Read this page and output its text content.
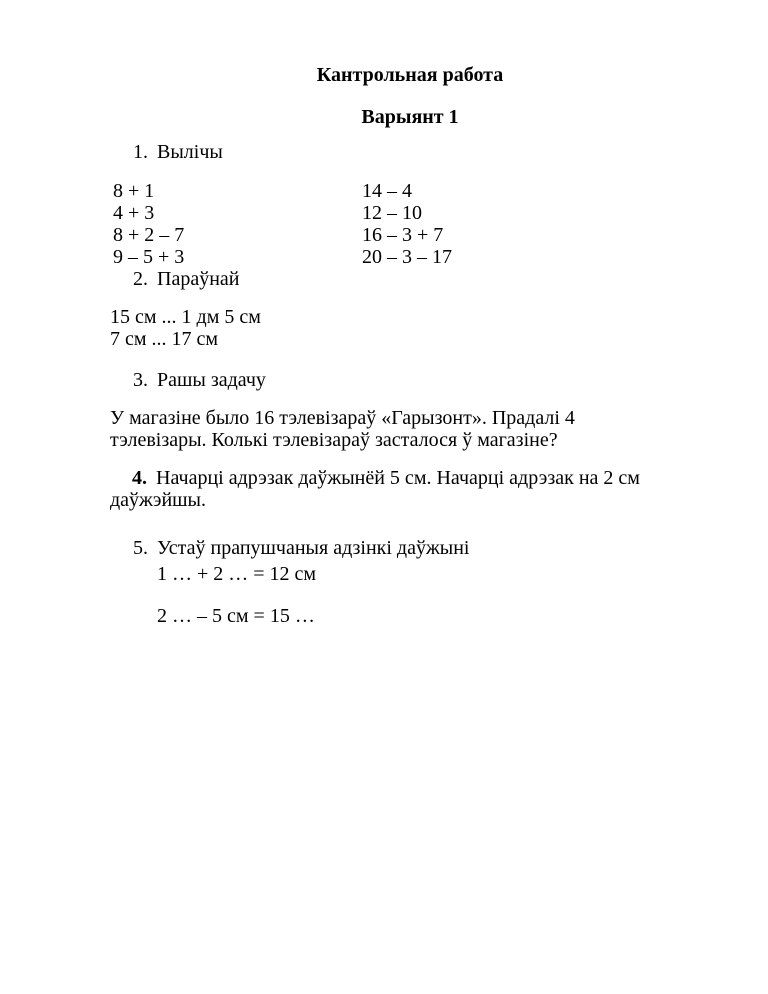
Кантрольная работа

Варыянт 1

1. Вылічы

8 + 1

4 + 3

8 + 2 – 7

9 – 5 + 3

14 – 4

12 – 10

16 – 3 + 7

20 – 3 – 17

2. Параўнай

15 см ... 1 дм 5 см

7 см ... 17 см

3. Рашы задачу

У магазіне было 16 тэлевізараў «Гарызонт». Прадалі 4

тэлевізары. Колькі тэлевізараў засталося ў магазіне?

4. Начарці адрэзак даўжынёй 5 см. Начарці адрэзак на 2 см

даўжэйшы.

5. Устаў прапушчаныя адзінкі даўжыні

1 … + 2 … = 12 см

2 … – 5 см = 15 …
